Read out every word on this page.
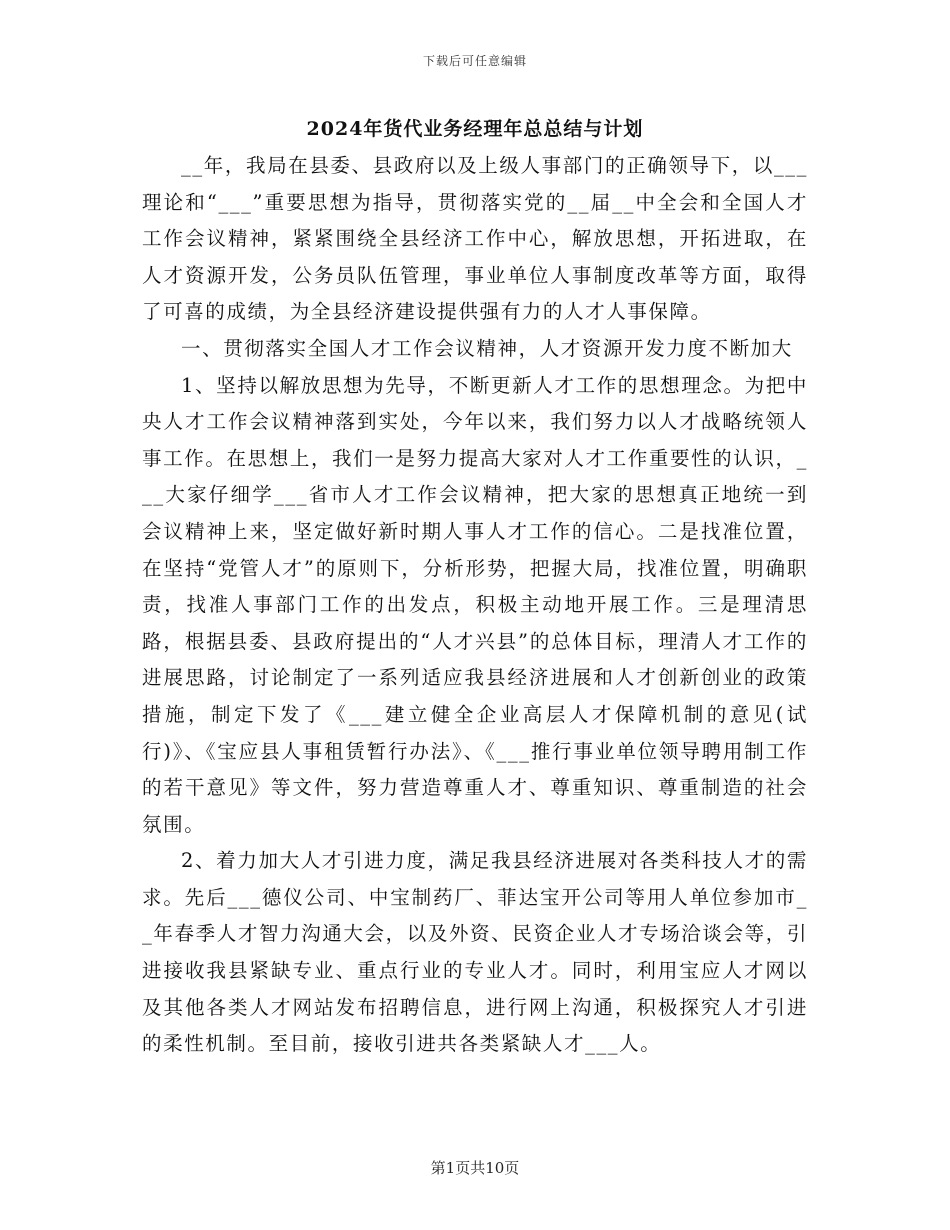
下载后可任意编辑
2024年货代业务经理年总总结与计划

__年，我局在县委、县政府以及上级人事部门的正确领导下，以___理论和“___”重要思想为指导，贯彻落实党的__届__中全会和全国人才工作会议精神，紧紧围绕全县经济工作中心，解放思想，开拓进取，在人才资源开发，公务员队伍管理，事业单位人事制度改革等方面，取得了可喜的成绩，为全县经济建设提供强有力的人才人事保障。

一、贯彻落实全国人才工作会议精神，人才资源开发力度不断加大

1、坚持以解放思想为先导，不断更新人才工作的思想理念。为把中央人才工作会议精神落到实处，今年以来，我们努力以人才战略统领人事工作。在思想上，我们一是努力提高大家对人才工作重要性的认识，___大家仔细学___省市人才工作会议精神，把大家的思想真正地统一到会议精神上来，坚定做好新时期人事人才工作的信心。二是找准位置，在坚持“党管人才”的原则下，分析形势，把握大局，找准位置，明确职责，找准人事部门工作的出发点，积极主动地开展工作。三是理清思路，根据县委、县政府提出的“人才兴县”的总体目标，理清人才工作的进展思路，讨论制定了一系列适应我县经济进展和人才创新创业的政策措施，制定下发了《___建立健全企业高层人才保障机制的意见(试行)》、《宝应县人事租赁暂行办法》、《___推行事业单位领导聘用制工作的若干意见》等文件，努力营造尊重人才、尊重知识、尊重制造的社会氛围。

2、着力加大人才引进力度，满足我县经济进展对各类科技人才的需求。先后___德仪公司、中宝制药厂、菲达宝开公司等用人单位参加市__年春季人才智力沟通大会，以及外资、民资企业人才专场洽谈会等，引进接收我县紧缺专业、重点行业的专业人才。同时，利用宝应人才网以及其他各类人才网站发布招聘信息，进行网上沟通，积极探究人才引进的柔性机制。至目前，接收引进共各类紧缺人才___人。

第1页共10页
